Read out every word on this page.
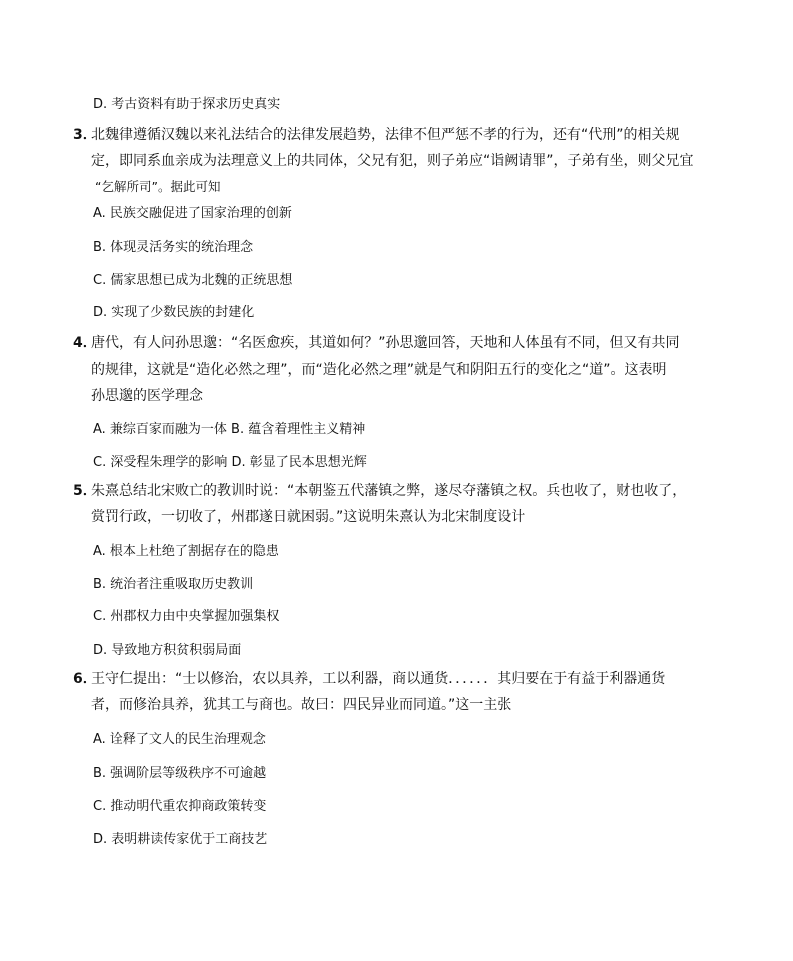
D. 考古资料有助于探求历史真实
3．
北魏律遵循汉魏以来礼法结合的法律发展趋势，法律不但严惩不孝的行为，还有“代刑”的相关规
定，即同系血亲成为法理意义上的共同体，父兄有犯，则子弟应“诣阙请罪”，子弟有坐，则父兄宜
“乞解所司”。据此可知
A. 民族交融促进了国家治理的创新
B. 体现灵活务实的统治理念
C. 儒家思想已成为北魏的正统思想
D. 实现了少数民族的封建化
4．
唐代，有人问孙思邈：“名医愈疾，其道如何？”孙思邈回答，天地和人体虽有不同，但又有共同
的规律，这就是“造化必然之理”，而“造化必然之理”就是气和阴阳五行的变化之“道”。这表明
孙思邈的医学理念
A. 兼综百家而融为一体 B. 蕴含着理性主义精神
C. 深受程朱理学的影响 D. 彰显了民本思想光辉
5．
朱熹总结北宋败亡的教训时说：“本朝鉴五代藩镇之弊，遂尽夺藩镇之权。兵也收了，财也收了，
赏罚行政，一切收了，州郡遂日就困弱。”这说明朱熹认为北宋制度设计
A. 根本上杜绝了割据存在的隐患
B. 统治者注重吸取历史教训
C. 州郡权力由中央掌握加强集权
D. 导致地方积贫积弱局面
6．
王守仁提出：“士以修治，农以具养，工以利器，商以通货．．．．．．其归要在于有益于利器通货
者，而修治具养，犹其工与商也。故曰：四民异业而同道。”这一主张
A. 诠释了文人的民生治理观念
B. 强调阶层等级秩序不可逾越
C. 推动明代重农抑商政策转变
D. 表明耕读传家优于工商技艺
